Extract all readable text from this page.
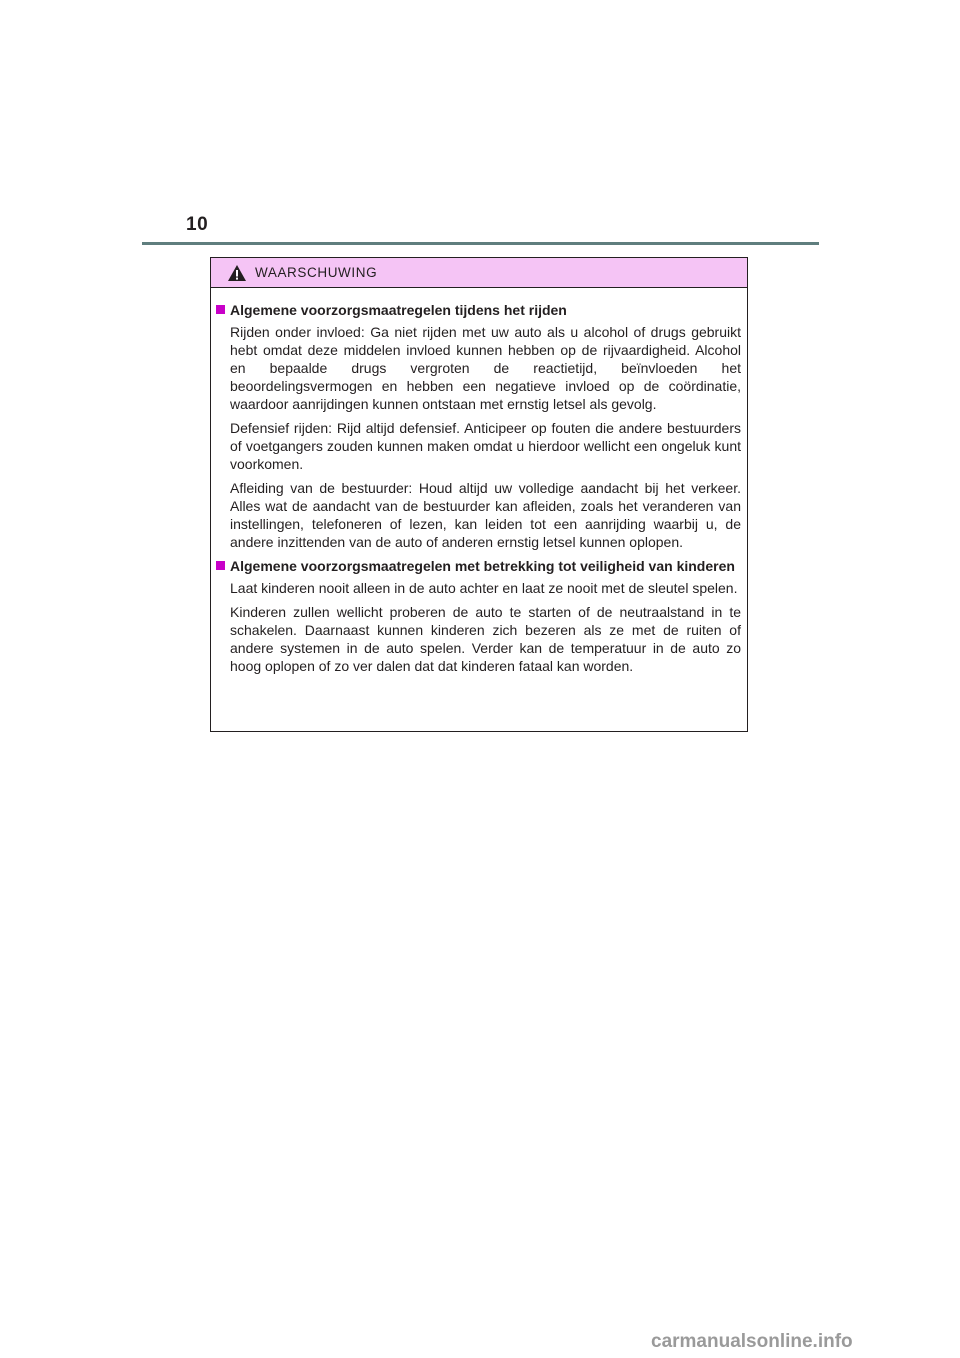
10
WAARSCHUWING
Algemene voorzorgsmaatregelen tijdens het rijden

Rijden onder invloed: Ga niet rijden met uw auto als u alcohol of drugs gebruikt hebt omdat deze middelen invloed kunnen hebben op de rijvaardigheid. Alcohol en bepaalde drugs vergroten de reactietijd, beïnvloeden het beoordelingsvermogen en hebben een negatieve invloed op de coördinatie, waardoor aanrijdingen kunnen ontstaan met ernstig letsel als gevolg.

Defensief rijden: Rijd altijd defensief. Anticipeer op fouten die andere bestuurders of voetgangers zouden kunnen maken omdat u hierdoor wellicht een ongeluk kunt voorkomen.

Afleiding van de bestuurder: Houd altijd uw volledige aandacht bij het verkeer. Alles wat de aandacht van de bestuurder kan afleiden, zoals het veranderen van instellingen, telefoneren of lezen, kan leiden tot een aanrijding waarbij u, de andere inzittenden van de auto of anderen ernstig letsel kunnen oplopen.

Algemene voorzorgsmaatregelen met betrekking tot veiligheid van kinderen

Laat kinderen nooit alleen in de auto achter en laat ze nooit met de sleutel spelen.

Kinderen zullen wellicht proberen de auto te starten of de neutraalstand in te schakelen. Daarnaast kunnen kinderen zich bezeren als ze met de ruiten of andere systemen in de auto spelen. Verder kan de temperatuur in de auto zo hoog oplopen of zo ver dalen dat dat kinderen fataal kan worden.

carmanualsonline.info
